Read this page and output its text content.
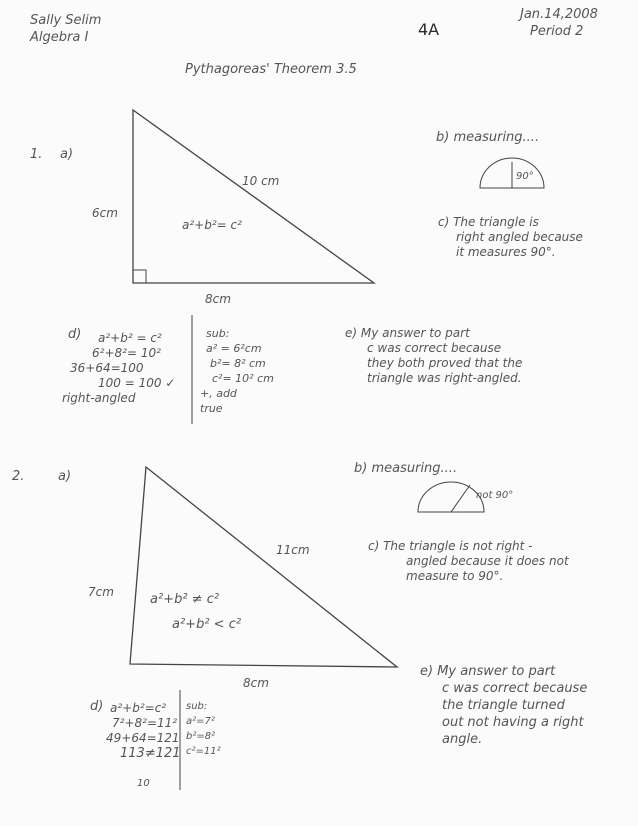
Sally Selim
Algebra I	4A
Jan.14,2008
Period 2
Pythagoreas' Theorem 3.5
1. a)
6cm
10 cm
8cm
a²+b²= c²
b) measuring....
90°
c) The triangle is
right angled because
it measures 90°.
d)	a²+b² = c²
6²+8²= 10²
36+64=100
100 = 100 ✓
right-angled
sub:
a² = 6²cm
b²= 8² cm
c²= 10² cm
+, add
true
e) My answer to part
c was correct because
they both proved that the
triangle was right-angled.
2.	a)
7cm
11cm
8cm
a²+b² ≠ c²
a²+b² < c²
b) measuring....
not 90°
c) The triangle is not right -
angled because it does not
measure to 90°.
d) a²+b²=c²
7²+8²=11²
49+64=121
113≠121
10
sub:
a²=7²
b²=8²
c²=11²
e) My answer to part
c was correct because
the triangle turned
out not having a right
angle.
